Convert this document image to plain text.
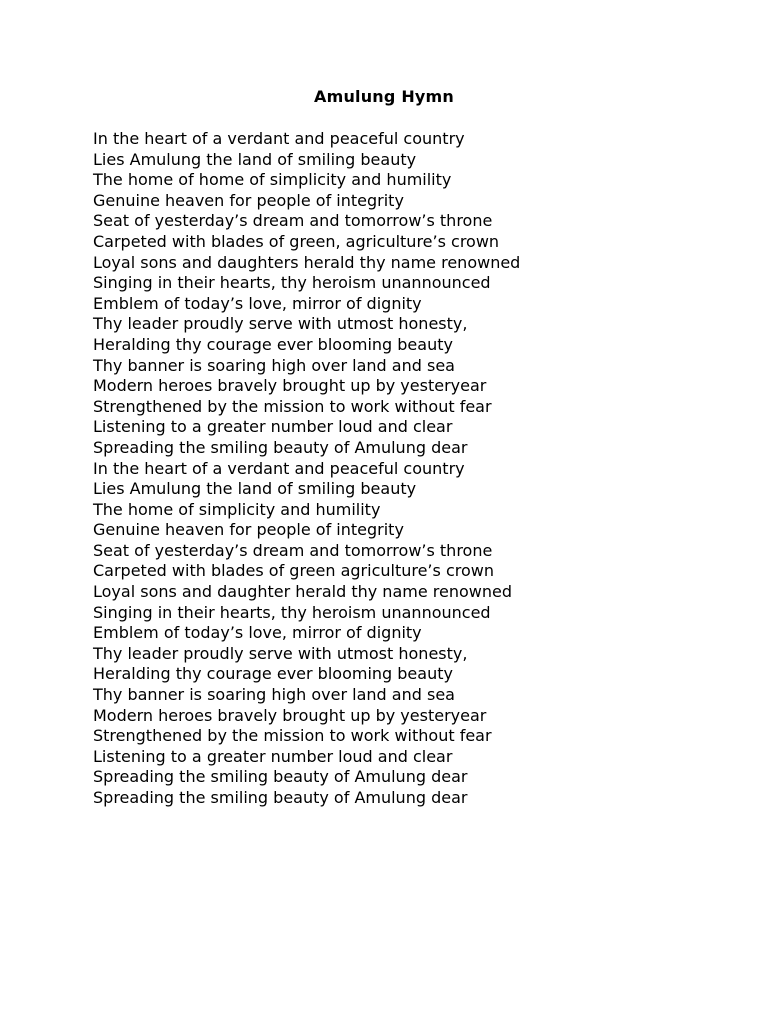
Amulung Hymn
In the heart of a verdant and peaceful country
Lies Amulung the land of smiling beauty
The home of home of simplicity and humility
Genuine heaven for people of integrity
Seat of yesterday’s dream and tomorrow’s throne
Carpeted with blades of green, agriculture’s crown
Loyal sons and daughters herald thy name renowned
Singing in their hearts, thy heroism unannounced
Emblem of today’s love, mirror of dignity
Thy leader proudly serve with utmost honesty,
Heralding thy courage ever blooming beauty
Thy banner is soaring high over land and sea
Modern heroes bravely brought up by yesteryear
Strengthened by the mission to work without fear
Listening to a greater number loud and clear
Spreading the smiling beauty of Amulung dear
In the heart of a verdant and peaceful country
Lies Amulung the land of smiling beauty
The home of simplicity and humility
Genuine heaven for people of integrity
Seat of yesterday’s dream and tomorrow’s throne
Carpeted with blades of green agriculture’s crown
Loyal sons and daughter herald thy name renowned
Singing in their hearts, thy heroism unannounced
Emblem of today’s love, mirror of dignity
Thy leader proudly serve with utmost honesty,
Heralding thy courage ever blooming beauty
Thy banner is soaring high over land and sea
Modern heroes bravely brought up by yesteryear
Strengthened by the mission to work without fear
Listening to a greater number loud and clear
Spreading the smiling beauty of Amulung dear
Spreading the smiling beauty of Amulung dear
